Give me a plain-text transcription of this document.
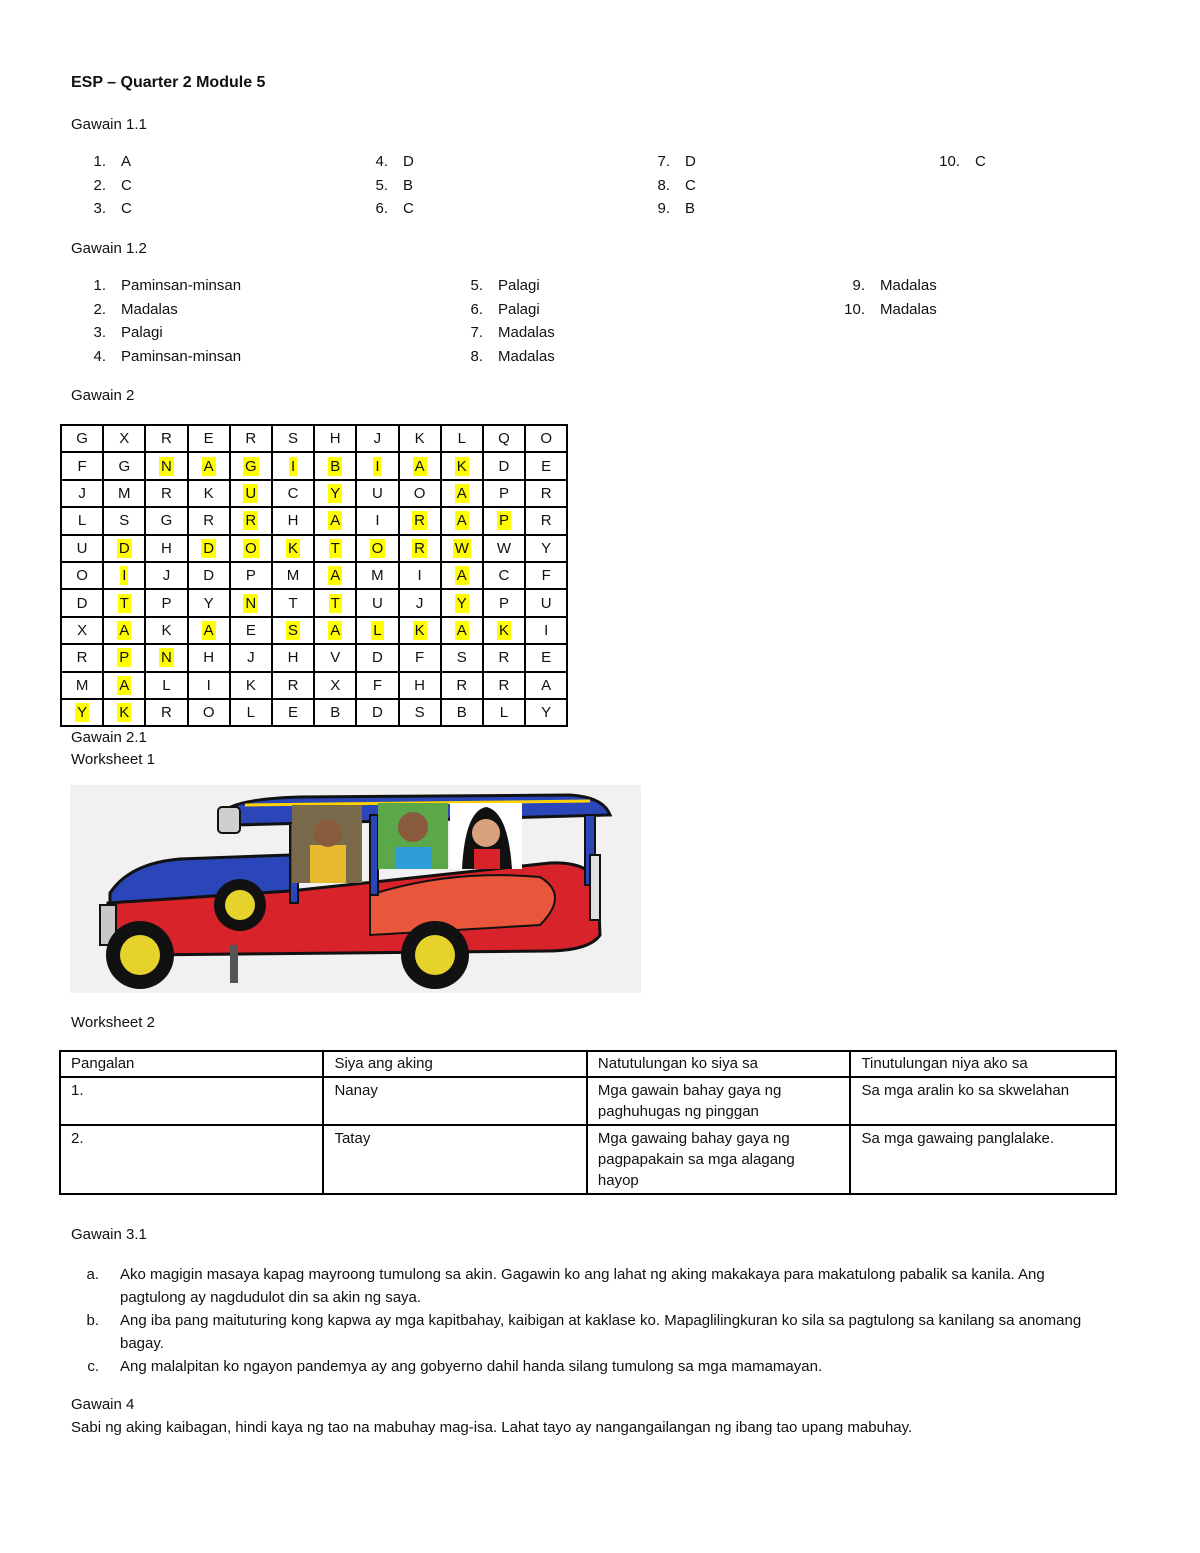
ESP – Quarter 2 Module 5
Gawain 1.1
1. A
2. C
3. C
4. D
5. B
6. C
7. D
8. C
9. B
10. C
Gawain 1.2
1. Paminsan-minsan
2. Madalas
3. Palagi
4. Paminsan-minsan
5. Palagi
6. Palagi
7. Madalas
8. Madalas
9. Madalas
10. Madalas
Gawain 2
G	X	R	E	R	S	H	J	K	L	Q	O
F	G	N	A	G	I	B	I	A	K	D	E
J	M	R	K	U	C	Y	U	O	A	P	R
L	S	G	R	R	H	A	I	R	A	P	R
U	D	H	D	O	K	T	O	R	W	W	Y
O	I	J	D	P	M	A	M	I	A	C	F
D	T	P	Y	N	T	T	U	J	Y	P	U
X	A	K	A	E	S	A	L	K	A	K	I
R	P	N	H	J	H	V	D	F	S	R	E
M	A	L	I	K	R	X	F	H	R	R	A
Y	K	R	O	L	E	B	D	S	B	L	Y
Gawain 2.1
Worksheet 1
Worksheet 2
Pangalan	Siya ang aking	Natutulungan ko siya sa	Tinutulungan niya ako sa
1.	Nanay	Mga gawain bahay gaya ng paghuhugas ng pinggan	Sa mga aralin ko sa skwelahan
2.	Tatay	Mga gawaing bahay gaya ng pagpapakain sa mga alagang hayop	Sa mga gawaing panglalake.
Gawain 3.1
a.	Ako magigin masaya kapag mayroong tumulong sa akin. Gagawin ko ang lahat ng aking makakaya para makatulong pabalik sa kanila. Ang pagtulong ay nagdudulot din sa akin ng saya.
b.	Ang iba pang maituturing kong kapwa ay mga kapitbahay, kaibigan at kaklase ko. Mapaglilingkuran ko sila sa pagtulong sa kanilang sa anomang bagay.
c.	Ang malalpitan ko ngayon pandemya ay ang gobyerno dahil handa silang tumulong sa mga mamamayan.
Gawain 4
Sabi ng aking kaibagan, hindi kaya ng tao na mabuhay mag-isa. Lahat tayo ay nangangailangan ng ibang tao upang mabuhay.
